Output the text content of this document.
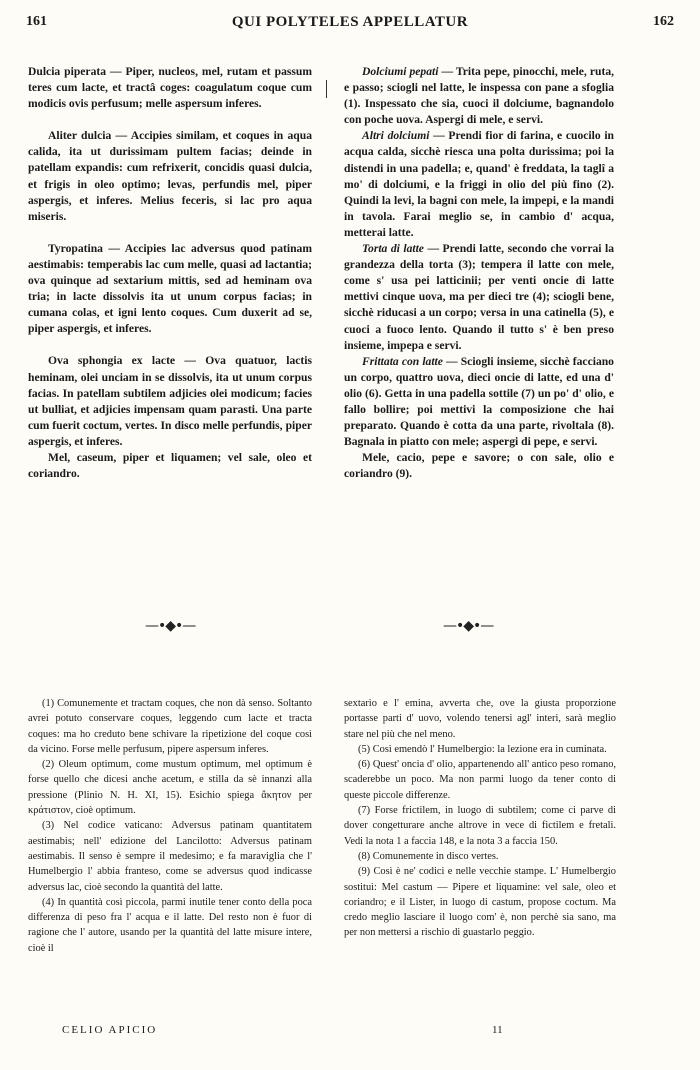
161	QUI POLYTELES APPELLATUR	162

Dulcia piperata — Piper, nucleos, mel, rutam et passum teres cum lacte, et tractâ coges: coagulatum coque cum modicis ovis perfusum; melle aspersum inferes.

Aliter dulcia — Accipies similam, et coques in aqua calida, ita ut durissimam pultem facias; deinde in patellam expandis: cum refrixerit, concidis quasi dulcia, et frigis in oleo optimo; levas, perfundis mel, piper aspergis, et inferes. Melius feceris, si lac pro aqua miseris.

Tyropatina — Accipies lac adversus quod patinam aestimabis: temperabis lac cum melle, quasi ad lactantia; ova quinque ad sextarium mittis, sed ad heminam ova tria; in lacte dissolvis ita ut unum corpus facias; in cumana colas, et igni lento coques. Cum duxerit ad se, piper aspergis, et inferes.

Ova sphongia ex lacte — Ova quatuor, lactis heminam, olei unciam in se dissolvis, ita ut unum corpus facias. In patellam subtilem adjicies olei modicum; facies ut bulliat, et adjicies impensam quam parasti. Una parte cum fuerit coctum, vertes. In disco melle perfundis, piper aspergis, et inferes.

Mel, caseum, piper et liquamen; vel sale, oleo et coriandro.

Dolciumi pepati — Trita pepe, pinocchi, mele, ruta, e passo; sciogli nel latte, le inspessa con pane a sfoglia (1). Inspessato che sia, cuoci il dolciume, bagnandolo con poche uova. Aspergi di mele, e servi.

Altri dolciumi — Prendi fior di farina, e cuocilo in acqua calda, sicchè riesca una polta durissima; poi la distendi in una padella; e, quand' è freddata, la taglî a mo' di dolciumi, e la friggi in olio del più fino (2). Quindi la levi, la bagni con mele, la impepi, e la mandi in tavola. Farai meglio se, in cambio d' acqua, metterai latte.

Torta di latte — Prendi latte, secondo che vorrai la grandezza della torta (3); tempera il latte con mele, come s' usa pei latticinii; per venti oncie di latte mettivi cinque uova, ma per dieci tre (4); sciogli bene, sicchè riducasi a un corpo; versa in una catinella (5), e cuoci a fuoco lento. Quando il tutto s' è ben preso insieme, impepa e servi.

Frittata con latte — Sciogli insieme, sicchè facciano un corpo, quattro uova, dieci oncie di latte, ed una d' olio (6). Getta in una padella sottile (7) un po' d' olio, e fallo bollire; poi mettivi la composizione che hai preparato. Quando è cotta da una parte, rivoltala (8). Bagnala in piatto con mele; aspergi di pepe, e servi.

Mele, cacio, pepe e savore; o con sale, olio e coriandro (9).

—•◆•—	—•◆•—

(1) Comunemente et tractam coques, che non dà senso. Soltanto avrei potuto conservare coques, leggendo cum lacte et tracta coques: ma ho creduto bene schivare la ripetizione del coque così da vicino. Forse melle perfusum, pipere aspersum inferes.

(2) Oleum optimum, come mustum optimum, mel optimum è forse quello che dicesi anche acetum, e stilla da sè innanzi alla pressione (Plinio N. H. XI, 15). Esichio spiega ἄκητον per κράτιστον, cioè optimum.

(3) Nel codice vaticano: Adversus patinam quantitatem aestimabis; nell' edizione del Lancilotto: Adversus patinam aestimabis. Il senso è sempre il medesimo; e fa maraviglia che l' Humelbergio l' abbia franteso, come se adversus quod indicasse adversus lac, cioè secondo la quantità del latte.

(4) In quantità così piccola, parmi inutile tener conto della poca differenza di peso fra l' acqua e il latte. Del resto non è fuor di ragione che l' autore, usando per la quantità del latte misure intere, cioè il

sextario e l' emina, avverta che, ove la giusta proporzione portasse parti d' uovo, volendo tenersi agl' interi, sarà meglio stare nel più che nel meno.

(5) Così emendò l' Humelbergio: la lezione era in cuminata.

(6) Quest' oncia d' olio, appartenendo all' antico peso romano, scaderebbe un poco. Ma non parmi luogo da tener conto di queste piccole differenze.

(7) Forse frictilem, in luogo di subtilem; come ci parve di dover congetturare anche altrove in vece di fictilem e fretali. Vedi la nota 1 a faccia 148, e la nota 3 a faccia 150.

(8) Comunemente in disco vertes.

(9) Così è ne' codici e nelle vecchie stampe. L' Humelbergio sostituì: Mel castum — Pipere et liquamine: vel sale, oleo et coriandro; e il Lister, in luogo di castum, propose coctum. Ma credo meglio lasciare il luogo com' è, non perchè sia sano, ma per non mettersi a rischio di guastarlo peggio.

CELIO APICIO	11
